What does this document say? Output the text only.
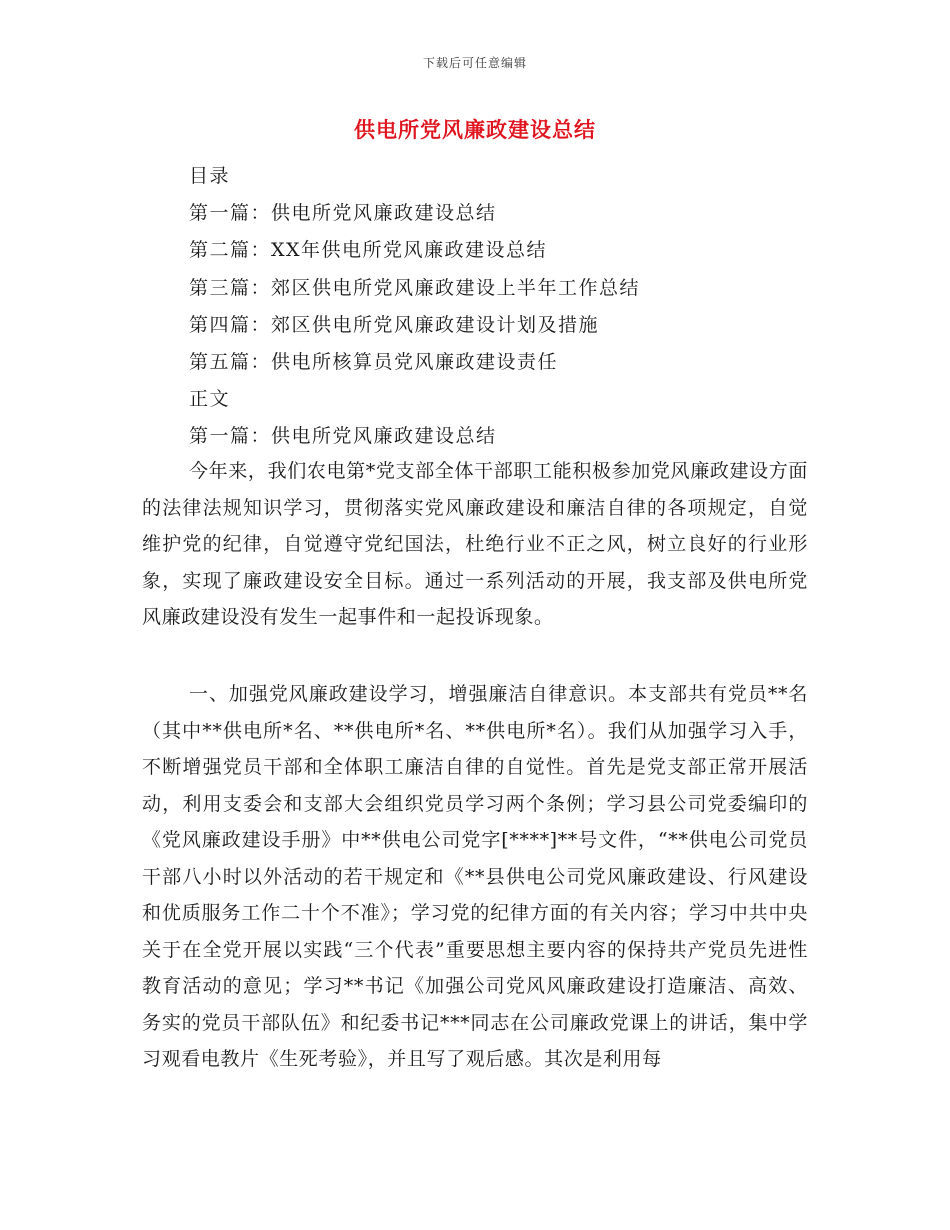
下载后可任意编辑
供电所党风廉政建设总结
目录
第一篇：供电所党风廉政建设总结
第二篇：XX年供电所党风廉政建设总结
第三篇：郊区供电所党风廉政建设上半年工作总结
第四篇：郊区供电所党风廉政建设计划及措施
第五篇：供电所核算员党风廉政建设责任
正文
第一篇：供电所党风廉政建设总结

今年来，我们农电第*党支部全体干部职工能积极参加党风廉政建设方面的法律法规知识学习，贯彻落实党风廉政建设和廉洁自律的各项规定，自觉维护党的纪律，自觉遵守党纪国法，杜绝行业不正之风，树立良好的行业形象，实现了廉政建设安全目标。通过一系列活动的开展，我支部及供电所党风廉政建设没有发生一起事件和一起投诉现象。

一、加强党风廉政建设学习，增强廉洁自律意识。本支部共有党员**名（其中**供电所*名、**供电所*名、**供电所*名）。我们从加强学习入手，不断增强党员干部和全体职工廉洁自律的自觉性。首先是党支部正常开展活动，利用支委会和支部大会组织党员学习两个条例；学习县公司党委编印的《党风廉政建设手册》中**供电公司党字[****]**号文件，“**供电公司党员干部八小时以外活动的若干规定和《**县供电公司党风廉政建设、行风建设和优质服务工作二十个不准》；学习党的纪律方面的有关内容；学习中共中央关于在全党开展以实践“三个代表”重要思想主要内容的保持共产党员先进性教育活动的意见；学习**书记《加强公司党风风廉政建设打造廉洁、高效、务实的党员干部队伍》和纪委书记***同志在公司廉政党课上的讲话，集中学习观看电教片《生死考验》，并且写了观后感。其次是利用每
